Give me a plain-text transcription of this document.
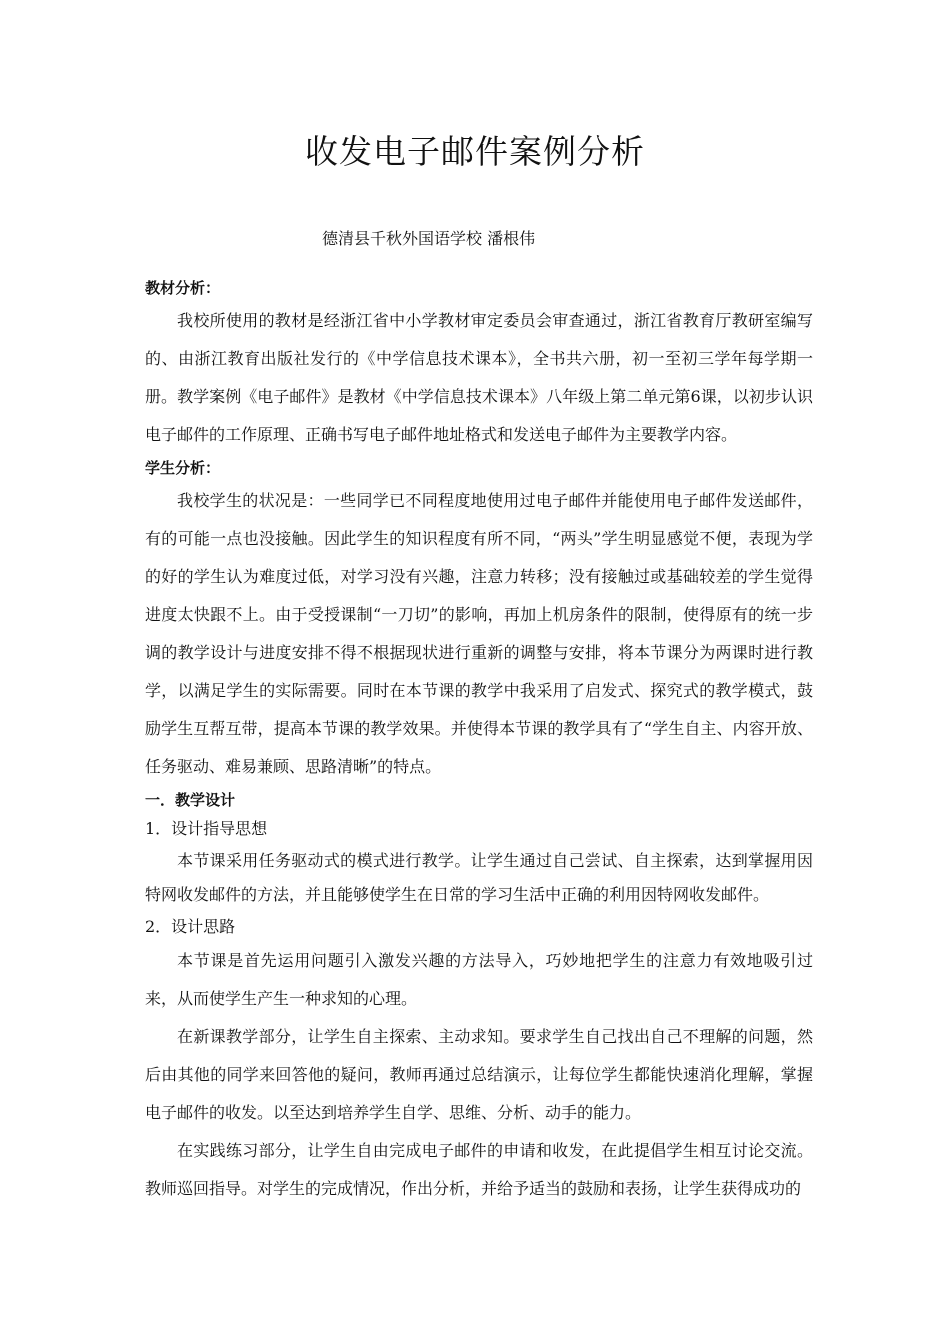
收发电子邮件案例分析
德清县千秋外国语学校 潘根伟

教材分析：

我校所使用的教材是经浙江省中小学教材审定委员会审查通过，浙江省教育厅教研室编写的、由浙江教育出版社发行的《中学信息技术课本》，全书共六册，初一至初三学年每学期一册。教学案例《电子邮件》是教材《中学信息技术课本》八年级上第二单元第6课，以初步认识电子邮件的工作原理、正确书写电子邮件地址格式和发送电子邮件为主要教学内容。

学生分析：

我校学生的状况是：一些同学已不同程度地使用过电子邮件并能使用电子邮件发送邮件，有的可能一点也没接触。因此学生的知识程度有所不同，“两头”学生明显感觉不便，表现为学的好的学生认为难度过低，对学习没有兴趣，注意力转移；没有接触过或基础较差的学生觉得进度太快跟不上。由于受授课制“一刀切”的影响，再加上机房条件的限制，使得原有的统一步调的教学设计与进度安排不得不根据现状进行重新的调整与安排，将本节课分为两课时进行教学，以满足学生的实际需要。同时在本节课的教学中我采用了启发式、探究式的教学模式，鼓励学生互帮互带，提高本节课的教学效果。并使得本节课的教学具有了“学生自主、内容开放、任务驱动、难易兼顾、思路清晰”的特点。

一．教学设计

1．设计指导思想

本节课采用任务驱动式的模式进行教学。让学生通过自己尝试、自主探索，达到掌握用因特网收发邮件的方法，并且能够使学生在日常的学习生活中正确的利用因特网收发邮件。

2．设计思路

本节课是首先运用问题引入激发兴趣的方法导入，巧妙地把学生的注意力有效地吸引过来，从而使学生产生一种求知的心理。

在新课教学部分，让学生自主探索、主动求知。要求学生自己找出自己不理解的问题，然后由其他的同学来回答他的疑问，教师再通过总结演示，让每位学生都能快速消化理解，掌握电子邮件的收发。以至达到培养学生自学、思维、分析、动手的能力。

在实践练习部分，让学生自由完成电子邮件的申请和收发，在此提倡学生相互讨论交流。教师巡回指导。对学生的完成情况，作出分析，并给予适当的鼓励和表扬，让学生获得成功的
